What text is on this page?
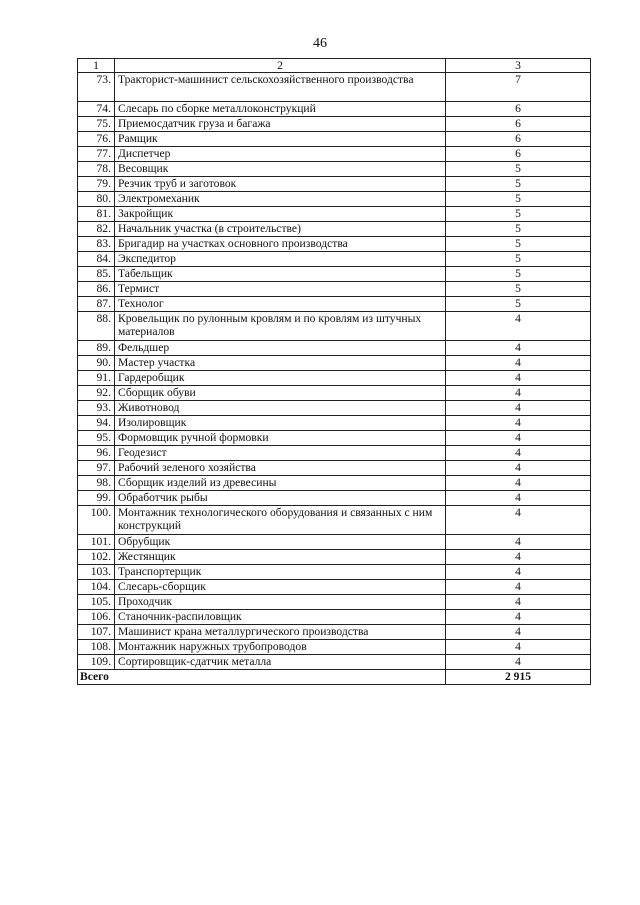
46
1	2	3
73.	Тракторист-машинист сельскохозяйственного производства	7
74.	Слесарь по сборке металлоконструкций	6
75.	Приемосдатчик груза и багажа	6
76.	Рамщик	6
77.	Диспетчер	6
78.	Весовщик	5
79.	Резчик труб и заготовок	5
80.	Электромеханик	5
81.	Закройщик	5
82.	Начальник участка (в строительстве)	5
83.	Бригадир на участках основного производства	5
84.	Экспедитор	5
85.	Табельщик	5
86.	Термист	5
87.	Технолог	5
88.	Кровельщик по рулонным кровлям и по кровлям из штучных материалов	4
89.	Фельдшер	4
90.	Мастер участка	4
91.	Гардеробщик	4
92.	Сборщик обуви	4
93.	Животновод	4
94.	Изолировщик	4
95.	Формовщик ручной формовки	4
96.	Геодезист	4
97.	Рабочий зеленого хозяйства	4
98.	Сборщик изделий из древесины	4
99.	Обработчик рыбы	4
100.	Монтажник технологического оборудования и связанных с ним конструкций	4
101.	Обрубщик	4
102.	Жестянщик	4
103.	Транспортерщик	4
104.	Слесарь-сборщик	4
105.	Проходчик	4
106.	Станочник-распиловщик	4
107.	Машинист крана металлургического производства	4
108.	Монтажник наружных трубопроводов	4
109.	Сортировщик-сдатчик металла	4
Всего		2 915
